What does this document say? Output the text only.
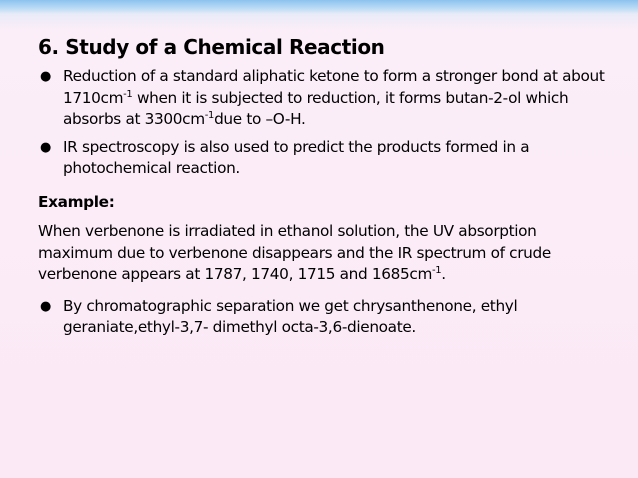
6. Study of a Chemical Reaction
● Reduction of a standard aliphatic ketone to form a stronger bond at about $1710cm^{-1}$ when it is subjected to reduction, it forms butan-2-ol which absorbs at $3300cm^{-1}due$ to –O-H.
● IR spectroscopy is also used to predict the products formed in a photochemical reaction.
Example:
When verbenone is irradiated in ethanol solution, the UV absorption maximum due to verbenone disappears and the IR spectrum of crude verbenone appears at 1787, 1740, 1715 and $1685cm^{-1}$.
● By chromatographic separation we get chrysanthenone, ethyl geraniate,ethyl-3,7- dimethyl octa-3,6-dienoate.
